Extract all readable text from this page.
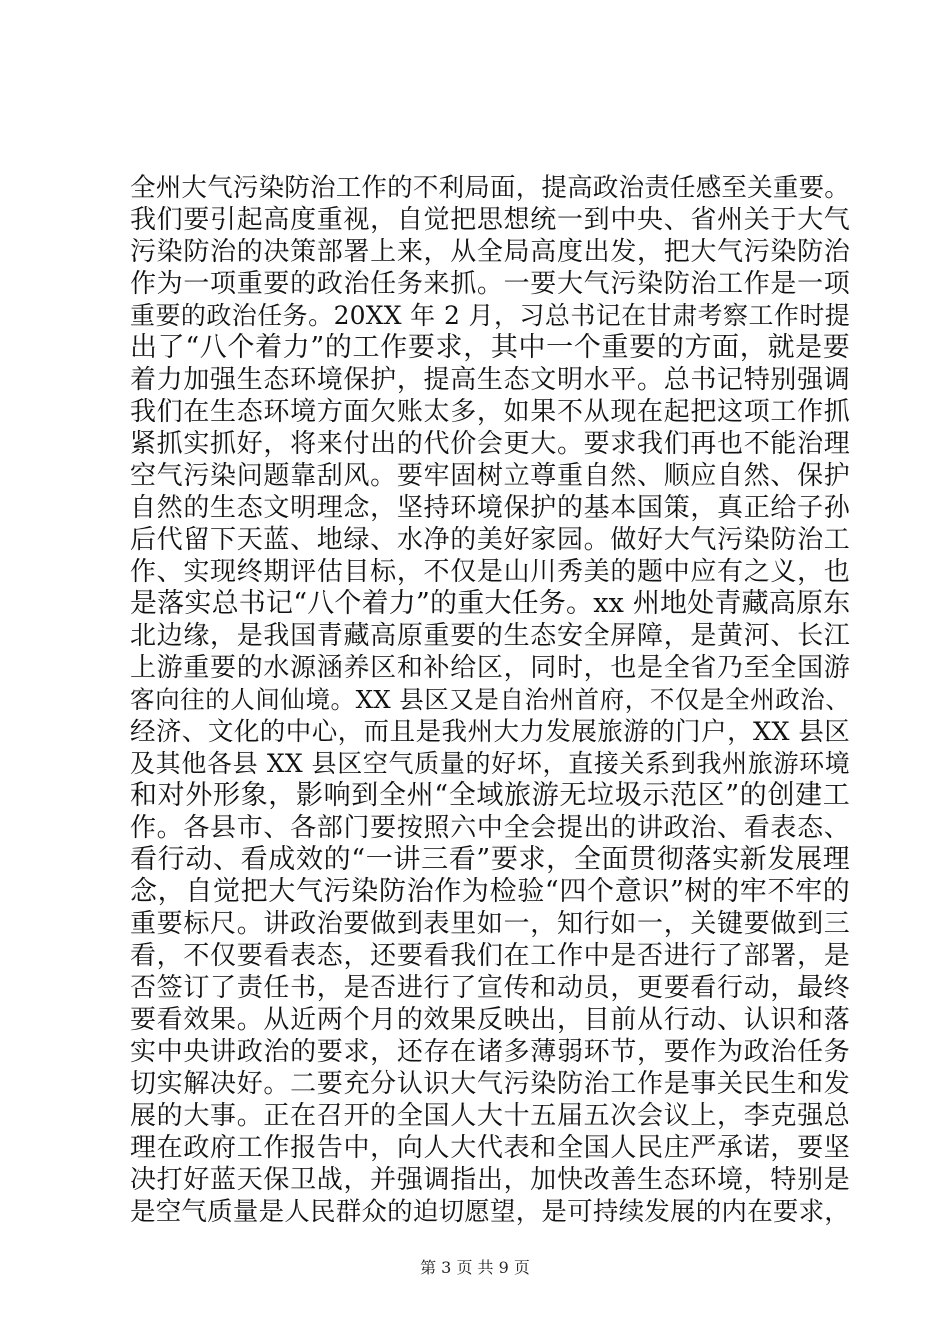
全州大气污染防治工作的不利局面，提高政治责任感至关重要。
我们要引起高度重视，自觉把思想统一到中央、省州关于大气
污染防治的决策部署上来，从全局高度出发，把大气污染防治
作为一项重要的政治任务来抓。一要大气污染防治工作是一项
重要的政治任务。20XX 年 2 月，习总书记在甘肃考察工作时提
出了“八个着力”的工作要求，其中一个重要的方面，就是要
着力加强生态环境保护，提高生态文明水平。总书记特别强调
我们在生态环境方面欠账太多，如果不从现在起把这项工作抓
紧抓实抓好，将来付出的代价会更大。要求我们再也不能治理
空气污染问题靠刮风。要牢固树立尊重自然、顺应自然、保护
自然的生态文明理念，坚持环境保护的基本国策，真正给子孙
后代留下天蓝、地绿、水净的美好家园。做好大气污染防治工
作、实现终期评估目标，不仅是山川秀美的题中应有之义，也
是落实总书记“八个着力”的重大任务。xx 州地处青藏高原东
北边缘，是我国青藏高原重要的生态安全屏障，是黄河、长江
上游重要的水源涵养区和补给区，同时，也是全省乃至全国游
客向往的人间仙境。XX 县区又是自治州首府，不仅是全州政治、
经济、文化的中心，而且是我州大力发展旅游的门户，XX 县区
及其他各县 XX 县区空气质量的好坏，直接关系到我州旅游环境
和对外形象，影响到全州“全域旅游无垃圾示范区”的创建工
作。各县市、各部门要按照六中全会提出的讲政治、看表态、
看行动、看成效的“一讲三看”要求，全面贯彻落实新发展理
念，自觉把大气污染防治作为检验“四个意识”树的牢不牢的
重要标尺。讲政治要做到表里如一，知行如一，关键要做到三
看，不仅要看表态，还要看我们在工作中是否进行了部署，是
否签订了责任书，是否进行了宣传和动员，更要看行动，最终
要看效果。从近两个月的效果反映出，目前从行动、认识和落
实中央讲政治的要求，还存在诸多薄弱环节，要作为政治任务
切实解决好。二要充分认识大气污染防治工作是事关民生和发
展的大事。正在召开的全国人大十五届五次会议上，李克强总
理在政府工作报告中，向人大代表和全国人民庄严承诺，要坚
决打好蓝天保卫战，并强调指出，加快改善生态环境，特别是
是空气质量是人民群众的迫切愿望，是可持续发展的内在要求，
第 3 页 共 9 页
